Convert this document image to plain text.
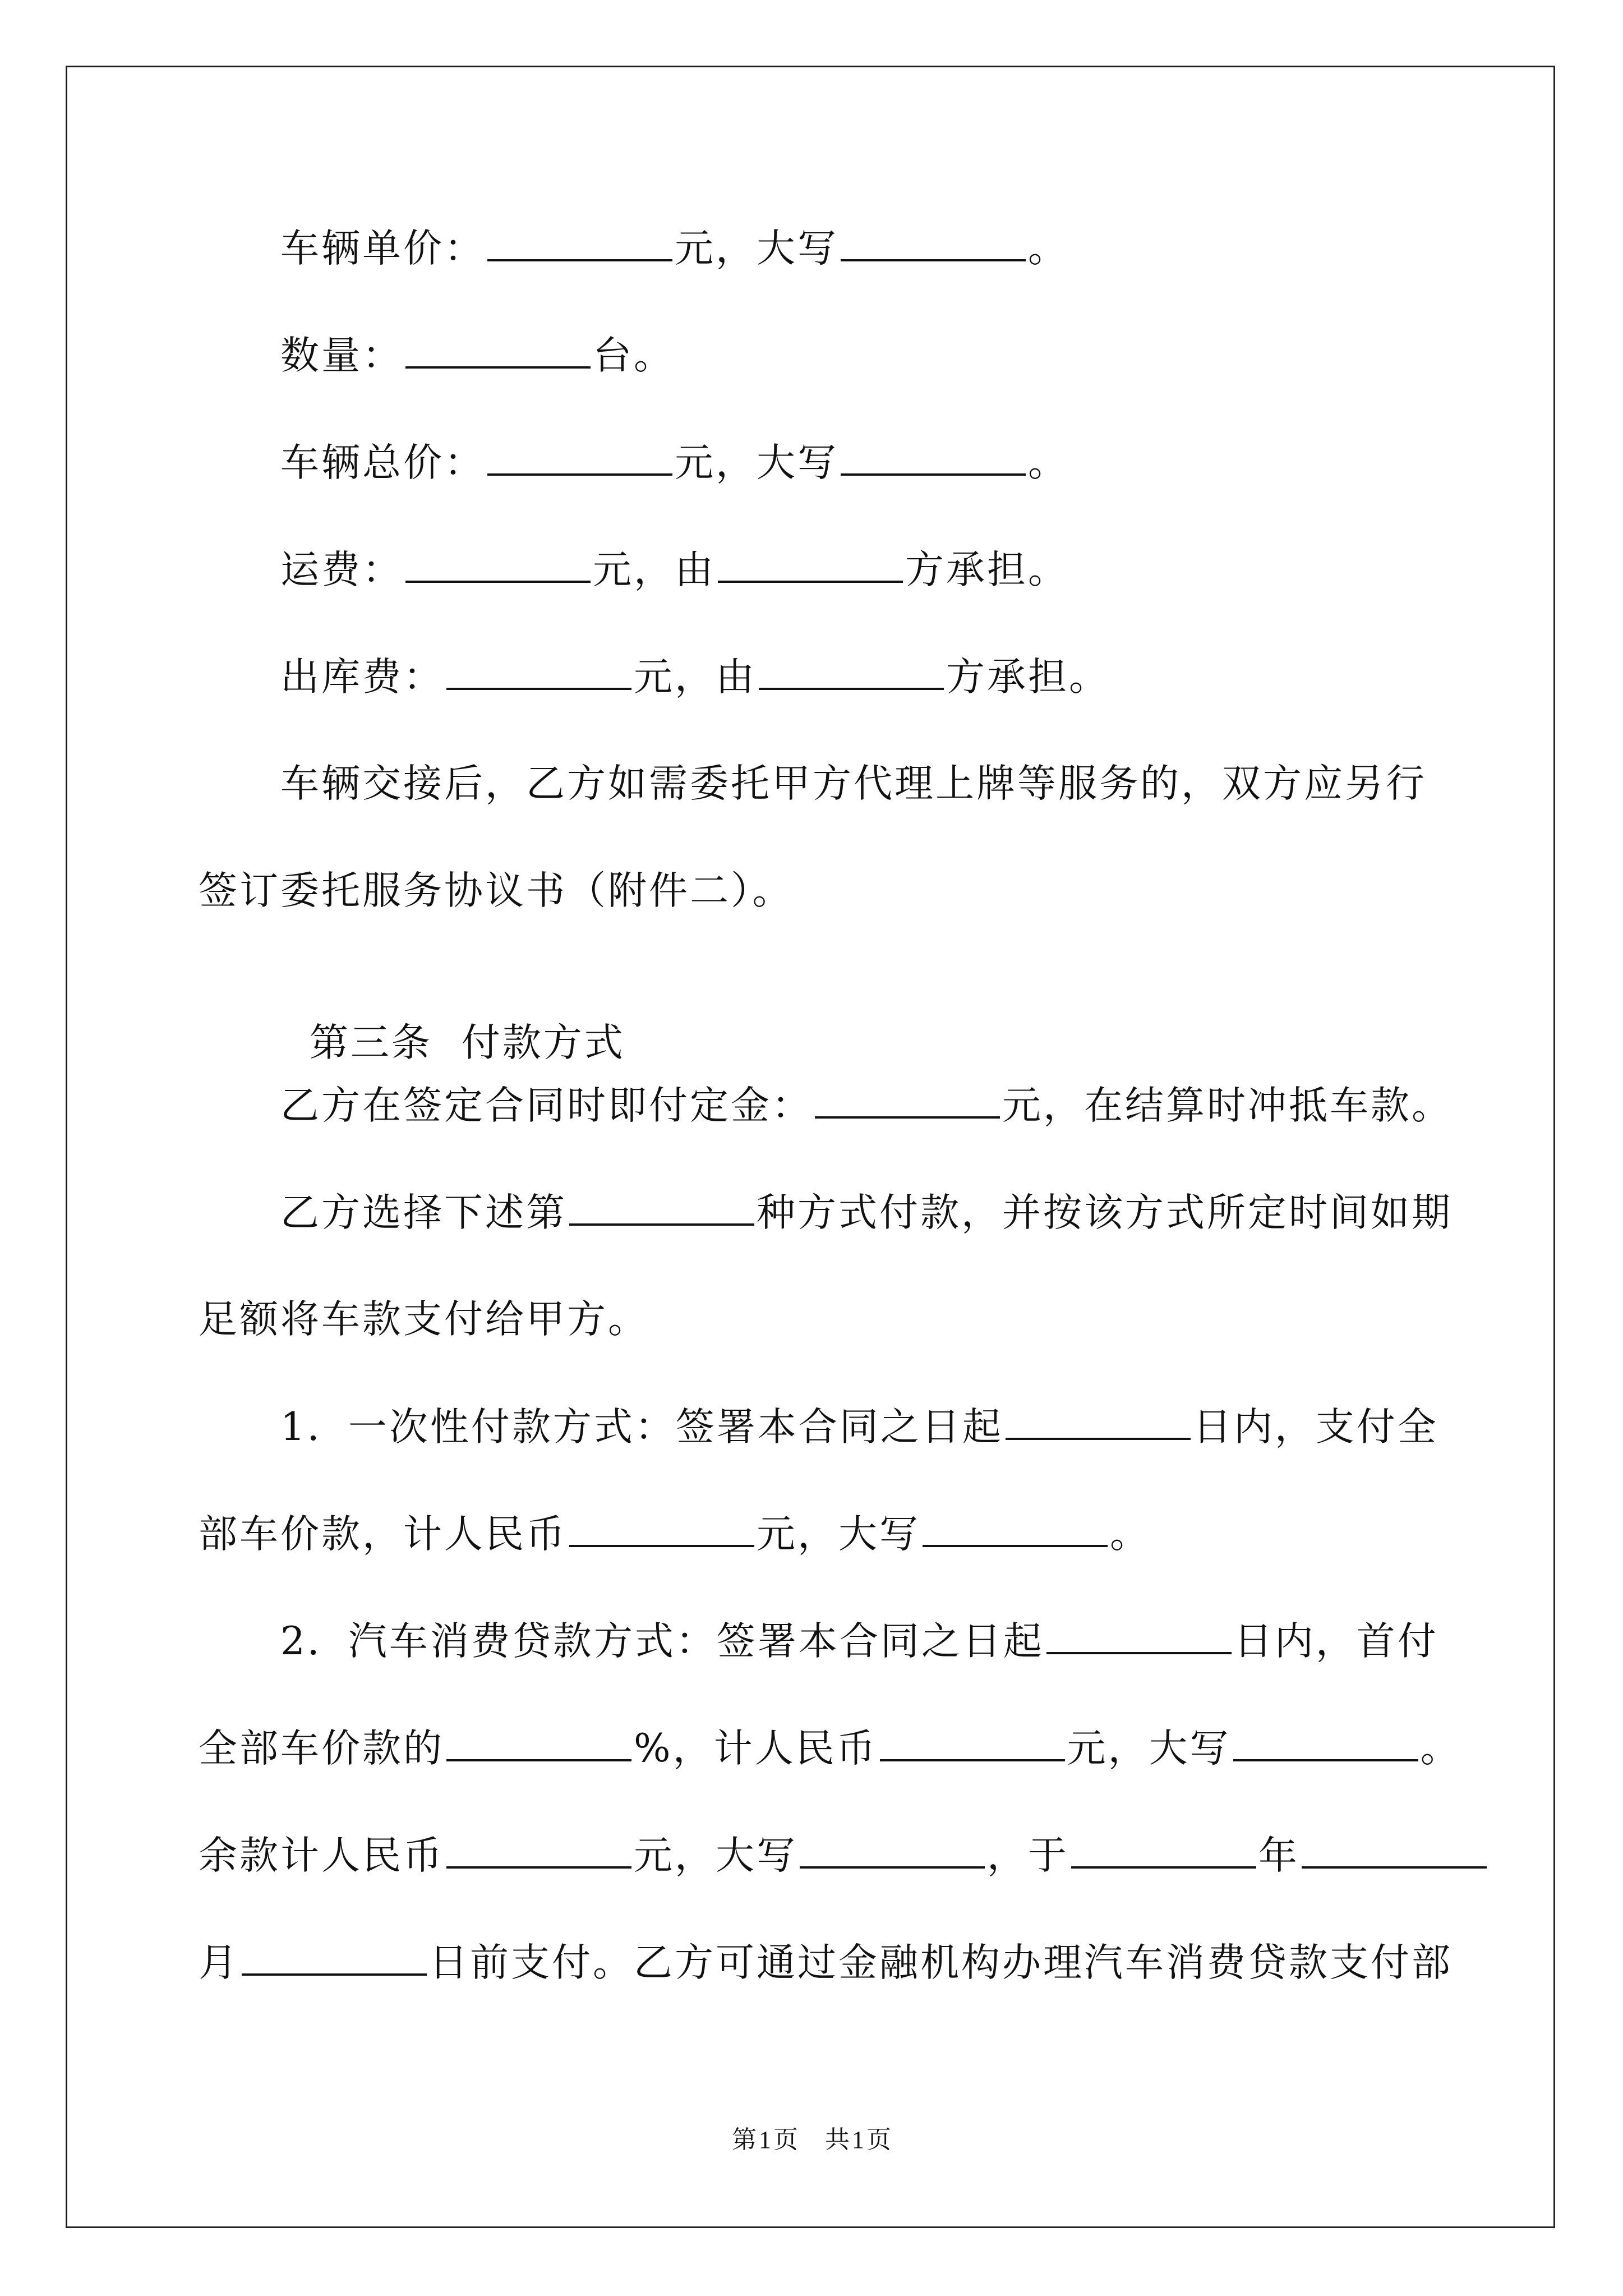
车辆单价：	元，大写	。
数量：	台。
车辆总价：	元，大写	。
运费：	元，由	方承担。
出库费：	元，由	方承担。
车辆交接后，乙方如需委托甲方代理上牌等服务的，双方应另行
签订委托服务协议书（附件二）。

第三条  付款方式

乙方在签定合同时即付定金：	元，在结算时冲抵车款。
乙方选择下述第	种方式付款，并按该方式所定时间如期
足额将车款支付给甲方。
1．一次性付款方式：签署本合同之日起	日内，支付全
部车价款，计人民币	元，大写	。
2．汽车消费贷款方式：签署本合同之日起	日内，首付
全部车价款的	%，计人民币	元，大写	。
余款计人民币	元，大写	，于	年
月	日前支付。乙方可通过金融机构办理汽车消费贷款支付部
第1页 共1页
